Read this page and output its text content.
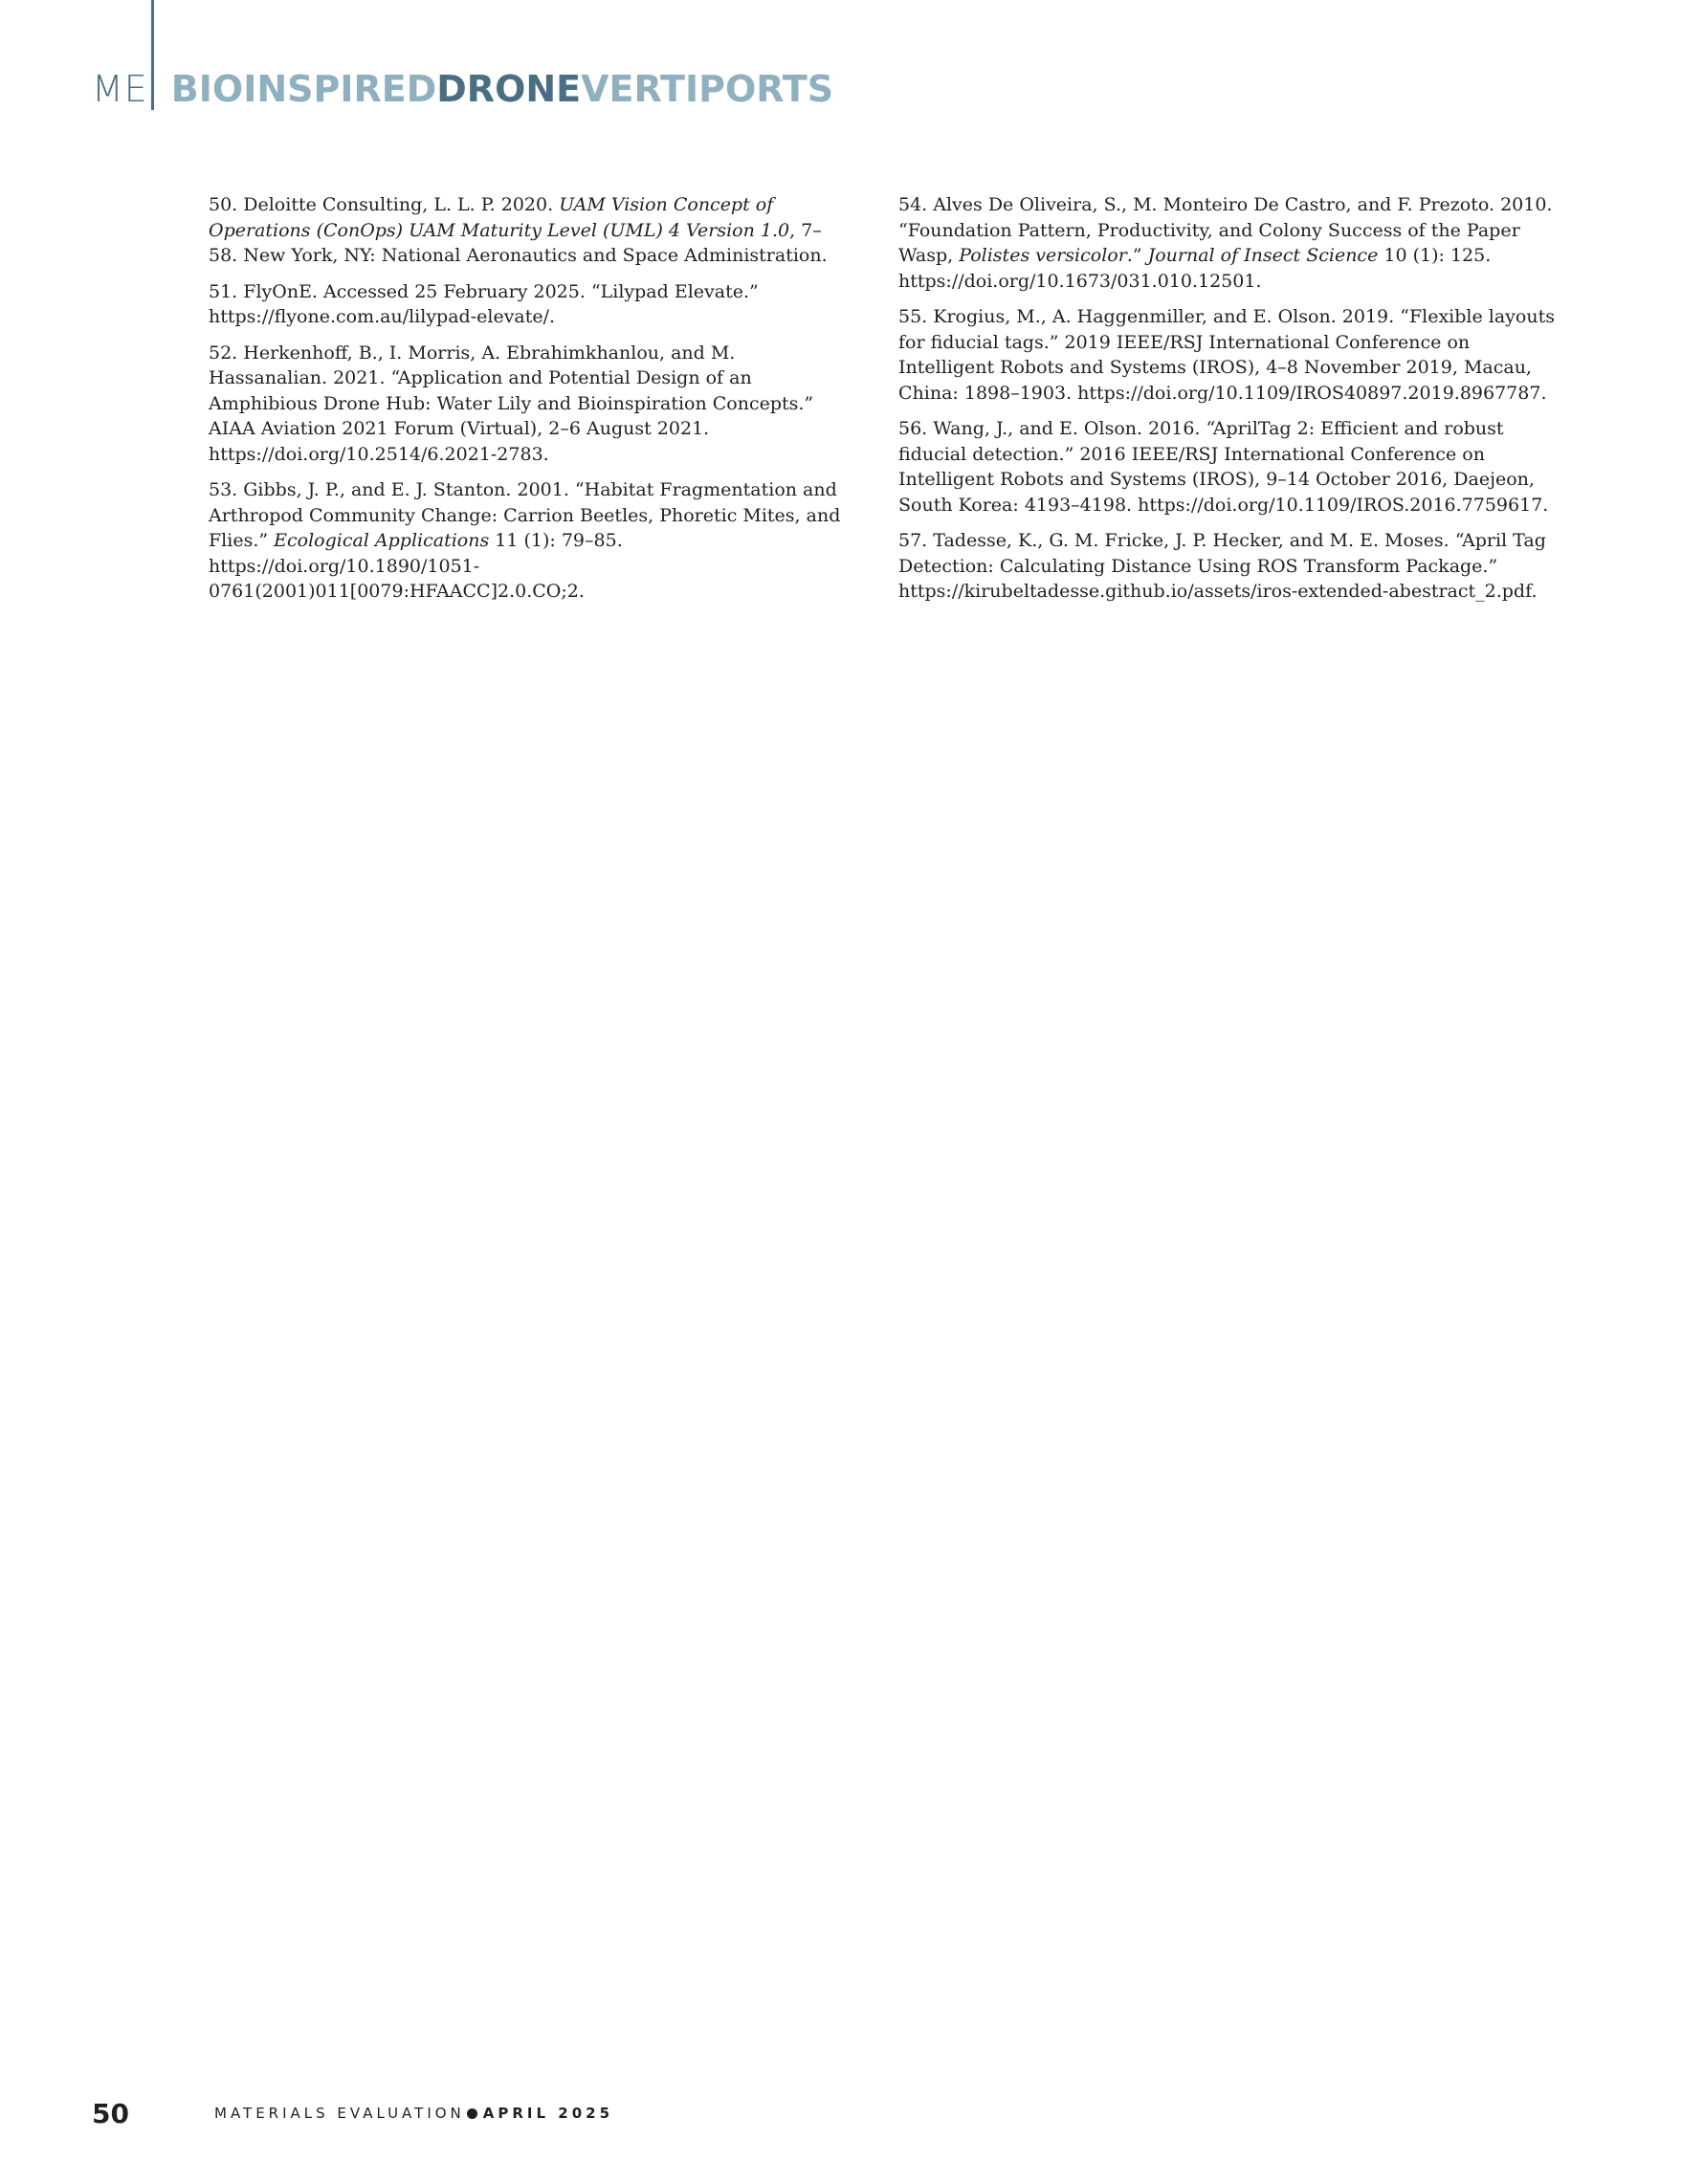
ME BIOINSPIREDDRONEVERTIPORTS

50. Deloitte Consulting, L. L. P. 2020. UAM Vision Concept of Operations (ConOps) UAM Maturity Level (UML) 4 Version 1.0, 7–58. New York, NY: National Aeronautics and Space Administration.

51. FlyOnE. Accessed 25 February 2025. “Lilypad Elevate.” https://flyone.com.au/lilypad-elevate/.

52. Herkenhoff, B., I. Morris, A. Ebrahimkhanlou, and M. Hassanalian. 2021. “Application and Potential Design of an Amphibious Drone Hub: Water Lily and Bioinspiration Concepts.” AIAA Aviation 2021 Forum (Virtual), 2–6 August 2021. https://doi.org/10.2514/6.2021-2783.

53. Gibbs, J. P., and E. J. Stanton. 2001. “Habitat Fragmentation and Arthropod Community Change: Carrion Beetles, Phoretic Mites, and Flies.” Ecological Applications 11 (1): 79–85. https://doi.org/10.1890/1051-0761(2001)011[0079:HFAACC]2.0.CO;2.

54. Alves De Oliveira, S., M. Monteiro De Castro, and F. Prezoto. 2010. “Foundation Pattern, Productivity, and Colony Success of the Paper Wasp, Polistes versicolor.” Journal of Insect Science 10 (1): 125. https://doi.org/10.1673/031.010.12501.

55. Krogius, M., A. Haggenmiller, and E. Olson. 2019. “Flexible layouts for fiducial tags.” 2019 IEEE/RSJ International Conference on Intelligent Robots and Systems (IROS), 4–8 November 2019, Macau, China: 1898–1903. https://doi.org/10.1109/IROS40897.2019.8967787.

56. Wang, J., and E. Olson. 2016. “AprilTag 2: Efficient and robust fiducial detection.” 2016 IEEE/RSJ International Conference on Intelligent Robots and Systems (IROS), 9–14 October 2016, Daejeon, South Korea: 4193–4198. https://doi.org/10.1109/IROS.2016.7759617.

57. Tadesse, K., G. M. Fricke, J. P. Hecker, and M. E. Moses. “April Tag Detection: Calculating Distance Using ROS Transform Package.” https://kirubeltadesse.github.io/assets/iros-extended-abestract_2.pdf.

50	MATERIALS EVALUATION APRIL 2025
